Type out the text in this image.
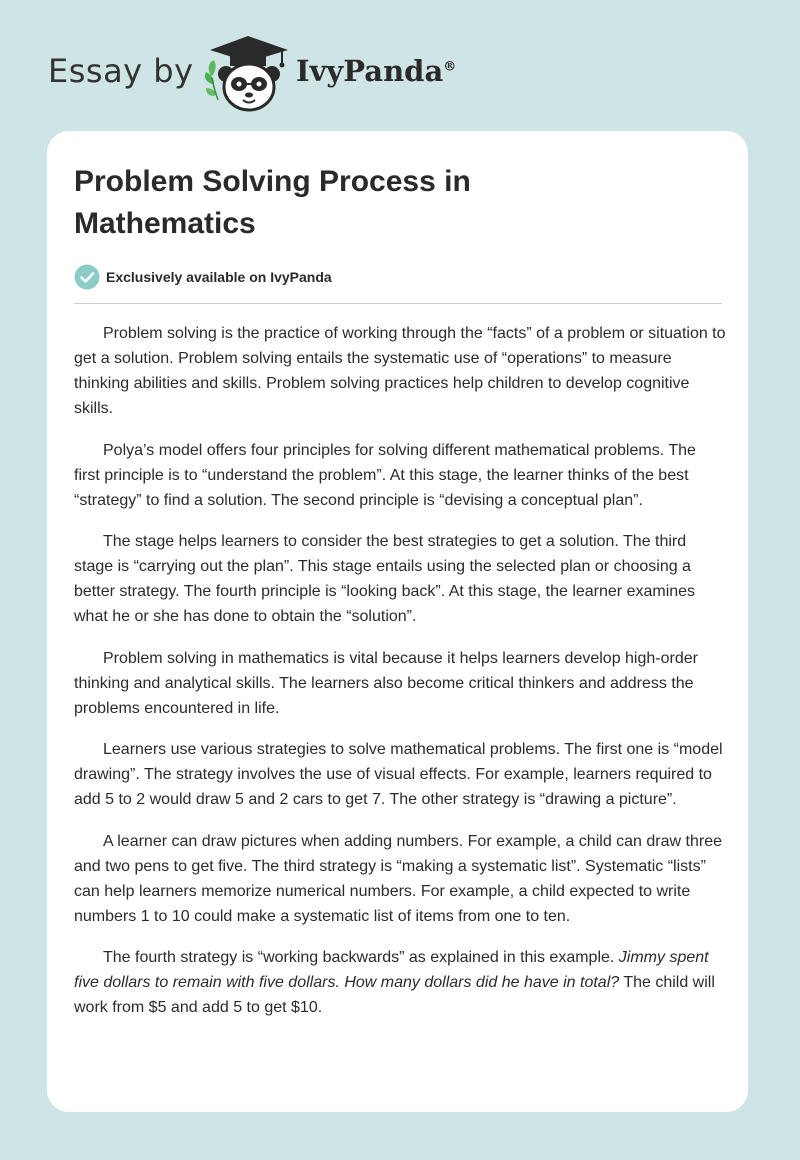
Essay by	IvyPanda®
Problem Solving Process in Mathematics
Exclusively available on IvyPanda

Problem solving is the practice of working through the “facts” of a problem or situation to get a solution. Problem solving entails the systematic use of “operations” to measure thinking abilities and skills. Problem solving practices help children to develop cognitive skills.

Polya’s model offers four principles for solving different mathematical problems. The first principle is to “understand the problem”. At this stage, the learner thinks of the best “strategy” to find a solution. The second principle is “devising a conceptual plan”.

The stage helps learners to consider the best strategies to get a solution. The third stage is “carrying out the plan”. This stage entails using the selected plan or choosing a better strategy. The fourth principle is “looking back”. At this stage, the learner examines what he or she has done to obtain the “solution”.

Problem solving in mathematics is vital because it helps learners develop high-order thinking and analytical skills. The learners also become critical thinkers and address the problems encountered in life.

Learners use various strategies to solve mathematical problems. The first one is “model drawing”. The strategy involves the use of visual effects. For example, learners required to add 5 to 2 would draw 5 and 2 cars to get 7. The other strategy is “drawing a picture”.

A learner can draw pictures when adding numbers. For example, a child can draw three and two pens to get five. The third strategy is “making a systematic list”. Systematic “lists” can help learners memorize numerical numbers. For example, a child expected to write numbers 1 to 10 could make a systematic list of items from one to ten.

The fourth strategy is “working backwards” as explained in this example. Jimmy spent five dollars to remain with five dollars. How many dollars did he have in total? The child will work from $5 and add 5 to get $10.
